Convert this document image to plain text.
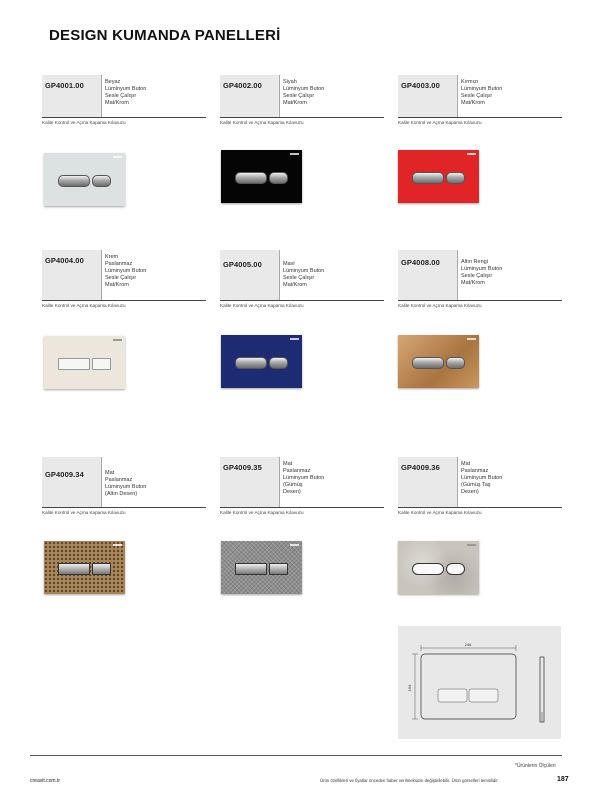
DESIGN KUMANDA PANELLERİ
GP4001.00	Beyaz
Lüminyum Buton
Sesle Çalışır
Mat/Krom
Kalite Kontrol ve Açma Kapama Kılavuzu
GP4002.00	Siyah
Lüminyum Buton
Sesle Çalışır
Mat/Krom
Kalite Kontrol ve Açma Kapama Kılavuzu
GP4003.00	Kırmızı
Lüminyum Buton
Sesle Çalışır
Mat/Krom
Kalite Kontrol ve Açma Kapama Kılavuzu
GP4004.00	Krem
Paslanmaz
Lüminyum Buton
Sesle Çalışır
Mat/Krom
Kalite Kontrol ve Açma Kapama Kılavuzu
GP4005.00	Mavi
Lüminyum Buton
Sesle Çalışır
Mat/Krom
Kalite Kontrol ve Açma Kapama Kılavuzu
GP4008.00	Altın Rengi
Lüminyum Buton
Sesle Çalışır
Mat/Krom
Kalite Kontrol ve Açma Kapama Kılavuzu
GP4009.34	Mat
Paslanmaz
Lüminyum Buton
(Altın Desen)
Kalite Kontrol ve Açma Kapama Kılavuzu
GP4009.35	Mat
Paslanmaz
Lüminyum Buton
(Gümüş
Desen)
Kalite Kontrol ve Açma Kapama Kılavuzu
GP4009.36	Mat
Paslanmaz
Lüminyum Buton
(Gümüş Taş
Desen)
Kalite Kontrol ve Açma Kapama Kılavuzu
246
164
*Ürünlerin Ölçüleri
creavit.com.tr	Ürün özellikleri ve fiyatlar önceden haber verilmeksizin değiştirilebilir. Ürün görselleri temsilidir.	187
